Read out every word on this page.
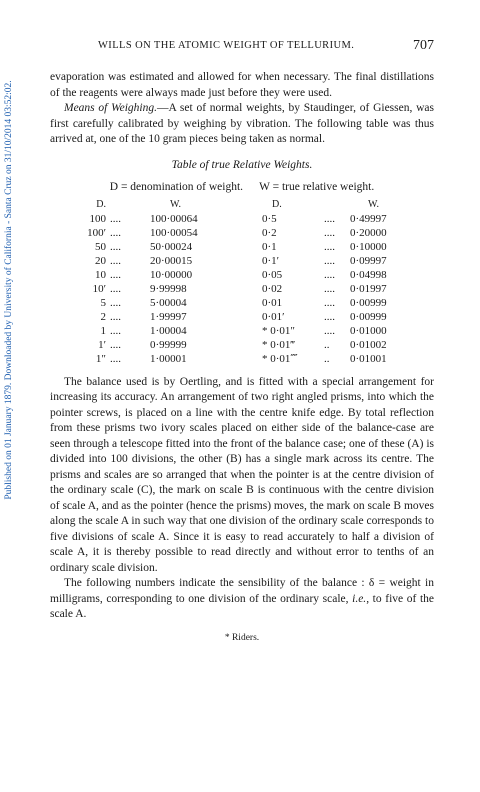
Published on 01 January 1879. Downloaded by University of California - Santa Cruz on 31/10/2014 03:52:02.
WILLS ON THE ATOMIC WEIGHT OF TELLURIUM.	707

evaporation was estimated and allowed for when necessary. The final distillations of the reagents were always made just before they were used.

Means of Weighing.—A set of normal weights, by Staudinger, of Giessen, was first carefully calibrated by weighing by vibration. The following table was thus arrived at, one of the 10 gram pieces being taken as normal.

Table of true Relative Weights.
D = denomination of weight. W = true relative weight.
D.		W.	D.		W.
100	....	100·00064	0·5	....	0·49997
100′	....	100·00054	0·2	....	0·20000
50	....	50·00024	0·1	....	0·10000
20	....	20·00015	0·1′	....	0·09997
10	....	10·00000	0·05	....	0·04998
10′	....	9·99998	0·02	....	0·01997
5	....	5·00004	0·01	....	0·00999
2	....	1·99997	0·01′	....	0·00999
1	....	1·00004	* 0·01″	....	0·01000
1′	....	0·99999	* 0·01‴	..	0·01002
1″	....	1·00001	* 0·01⁗	..	0·01001

The balance used is by Oertling, and is fitted with a special arrangement for increasing its accuracy. An arrangement of two right angled prisms, into which the pointer screws, is placed on a line with the centre knife edge. By total reflection from these prisms two ivory scales placed on either side of the balance-case are seen through a telescope fitted into the front of the balance case; one of these (A) is divided into 100 divisions, the other (B) has a single mark across its centre. The prisms and scales are so arranged that when the pointer is at the centre division of the ordinary scale (C), the mark on scale B is continuous with the centre division of scale A, and as the pointer (hence the prisms) moves, the mark on scale B moves along the scale A in such way that one division of the ordinary scale corresponds to five divisions of scale A. Since it is easy to read accurately to half a division of scale A, it is thereby possible to read directly and without error to tenths of an ordinary scale division.

The following numbers indicate the sensibility of the balance : δ = weight in milligrams, corresponding to one division of the ordinary scale, i.e., to five of the scale A.

* Riders.
